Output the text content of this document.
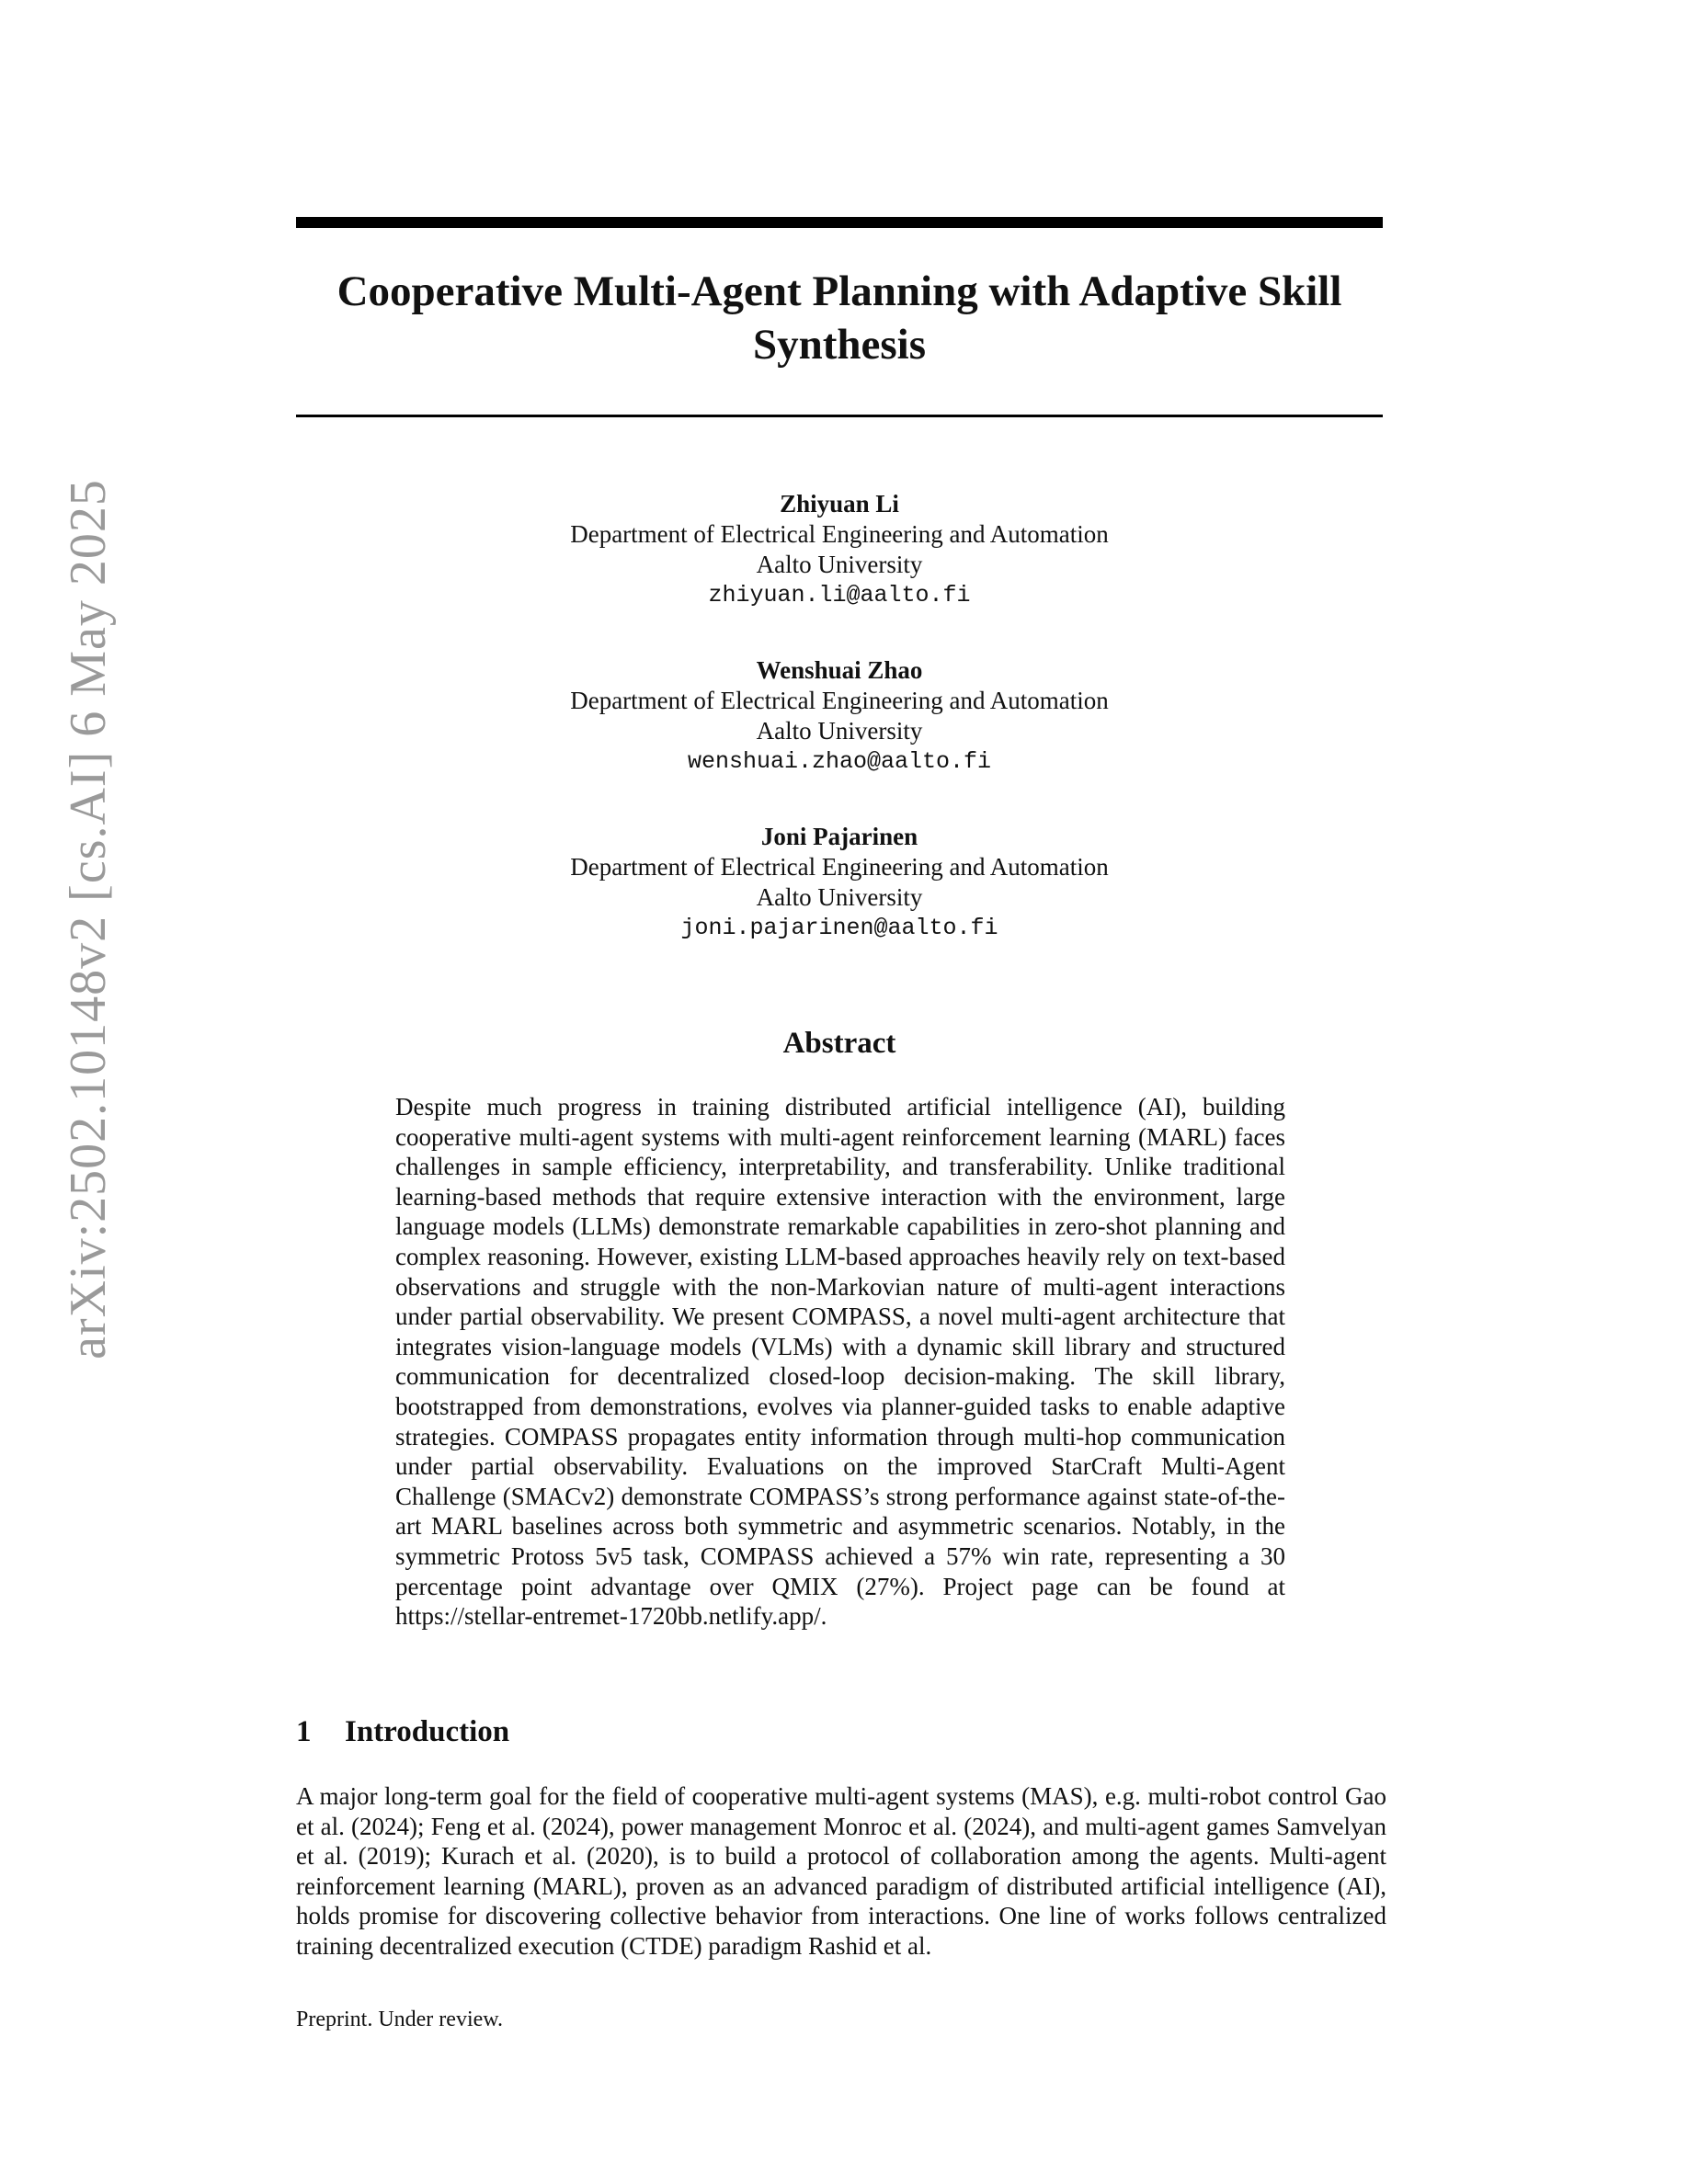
arXiv:2502.10148v2 [cs.AI] 6 May 2025
Cooperative Multi-Agent Planning with Adaptive Skill Synthesis
Zhiyuan Li
Department of Electrical Engineering and Automation
Aalto University
zhiyuan.li@aalto.fi
Wenshuai Zhao
Department of Electrical Engineering and Automation
Aalto University
wenshuai.zhao@aalto.fi
Joni Pajarinen
Department of Electrical Engineering and Automation
Aalto University
joni.pajarinen@aalto.fi
Abstract

Despite much progress in training distributed artificial intelligence (AI), building cooperative multi-agent systems with multi-agent reinforcement learning (MARL) faces challenges in sample efficiency, interpretability, and transferability. Unlike traditional learning-based methods that require extensive interaction with the environment, large language models (LLMs) demonstrate remarkable capabilities in zero-shot planning and complex reasoning. However, existing LLM-based approaches heavily rely on text-based observations and struggle with the non-Markovian nature of multi-agent interactions under partial observability. We present COMPASS, a novel multi-agent architecture that integrates vision-language models (VLMs) with a dynamic skill library and structured communication for decentralized closed-loop decision-making. The skill library, bootstrapped from demonstrations, evolves via planner-guided tasks to enable adaptive strategies. COMPASS propagates entity information through multi-hop communication under partial observability. Evaluations on the improved StarCraft Multi-Agent Challenge (SMACv2) demonstrate COMPASS’s strong performance against state-of-the-art MARL baselines across both symmetric and asymmetric scenarios. Notably, in the symmetric Protoss 5v5 task, COMPASS achieved a 57% win rate, representing a 30 percentage point advantage over QMIX (27%). Project page can be found at https://stellar-entremet-1720bb.netlify.app/.

1 Introduction

A major long-term goal for the field of cooperative multi-agent systems (MAS), e.g. multi-robot control Gao et al. (2024); Feng et al. (2024), power management Monroc et al. (2024), and multi-agent games Samvelyan et al. (2019); Kurach et al. (2020), is to build a protocol of collaboration among the agents. Multi-agent reinforcement learning (MARL), proven as an advanced paradigm of distributed artificial intelligence (AI), holds promise for discovering collective behavior from interactions. One line of works follows centralized training decentralized execution (CTDE) paradigm Rashid et al.

Preprint. Under review.
